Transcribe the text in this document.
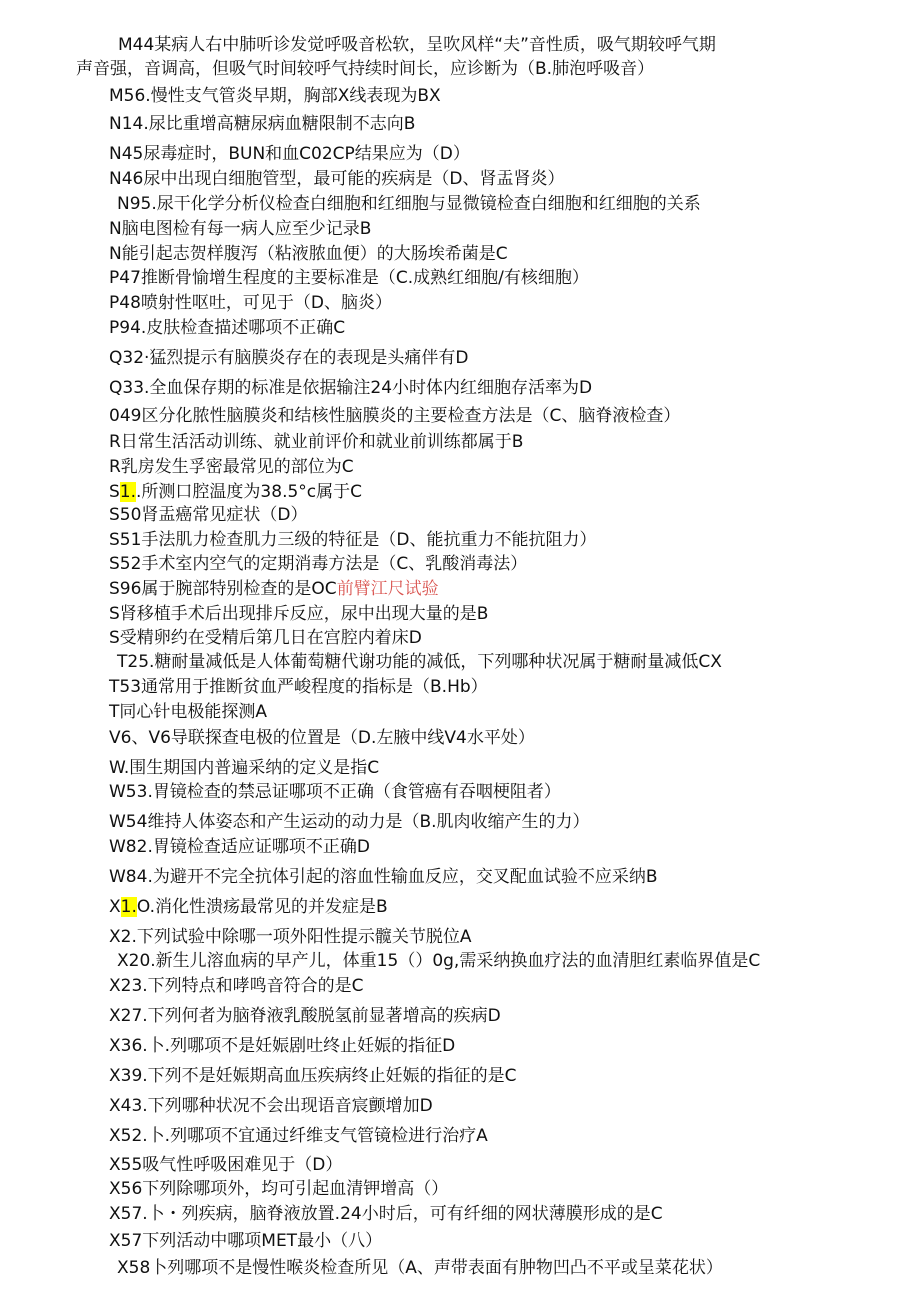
M44某病人右中肺听诊发觉呼吸音松软，呈吹风样“夫”音性质，吸气期较呼气期
声音强，音调高，但吸气时间较呼气持续时间长，应诊断为（B.肺泡呼吸音）
M56.慢性支气管炎早期，胸部X线表现为BX
N14.尿比重增高糖尿病血糖限制不志向B
N45尿毒症时，BUN和血C02CP结果应为（D）
N46尿中出现白细胞管型，最可能的疾病是（D、肾盂肾炎）
N95.尿干化学分析仪检查白细胞和红细胞与显微镜检查白细胞和红细胞的关系
N脑电图检有每一病人应至少记录B
N能引起志贺样腹泻（粘液脓血便）的大肠埃希菌是C
P47推断骨愉增生程度的主要标准是（C.成熟红细胞/有核细胞）
P48喷射性呕吐，可见于（D、脑炎）
P94.皮肤检查描述哪项不正确C
Q32·猛烈提示有脑膜炎存在的表现是头痛伴有D
Q33.全血保存期的标准是依据输注24小时体内红细胞存活率为D
049区分化脓性脑膜炎和结核性脑膜炎的主要检查方法是（C、脑脊液检查）
R日常生活活动训练、就业前评价和就业前训练都属于B
R乳房发生孚密最常见的部位为C
S1..所测口腔温度为38.5°c属于C
S50肾盂癌常见症状（D）
S51手法肌力检查肌力三级的特征是（D、能抗重力不能抗阻力）
S52手术室内空气的定期消毒方法是（C、乳酸消毒法）
S96属于腕部特别检查的是OC前臂江尺试验
S肾移植手术后出现排斥反应，尿中出现大量的是B
S受精卵约在受精后第几日在宫腔内着床D
T25.糖耐量减低是人体葡萄糖代谢功能的减低，下列哪种状况属于糖耐量减低CX
T53通常用于推断贫血严峻程度的指标是（B.Hb）
T同心针电极能探测A
V6、V6导联探查电极的位置是（D.左腋中线V4水平处）
W.围生期国内普遍采纳的定义是指C
W53.胃镜检查的禁忌证哪项不正确（食管癌有吞咽梗阻者）
W54维持人体姿态和产生运动的动力是（B.肌肉收缩产生的力）
W82.胃镜检查适应证哪项不正确D
W84.为避开不完全抗体引起的溶血性输血反应，交叉配血试验不应采纳B
X1.O.消化性溃疡最常见的并发症是B
X2.下列试验中除哪一项外阳性提示髋关节脱位A
X20.新生儿溶血病的早产儿，体重15（）0g,需采纳换血疗法的血清胆红素临界值是C
X23.下列特点和哮鸣音符合的是C
X27.下列何者为脑脊液乳酸脱氢前显著增高的疾病D
X36.卜.列哪项不是妊娠剧吐终止妊娠的指征D
X39.下列不是妊娠期高血压疾病终止妊娠的指征的是C
X43.下列哪种状况不会出现语音宸颤增加D
X52.卜.列哪项不宜通过纤维支气管镜检进行治疗A
X55吸气性呼吸困难见于（D）
X56下列除哪项外，均可引起血清钾增高（）
X57.卜・列疾病，脑脊液放置.24小时后，可有纤细的网状薄膜形成的是C
X57下列活动中哪项MET最小（八）
X58卜列哪项不是慢性喉炎检查所见（A、声带表面有肿物凹凸不平或呈菜花状）
